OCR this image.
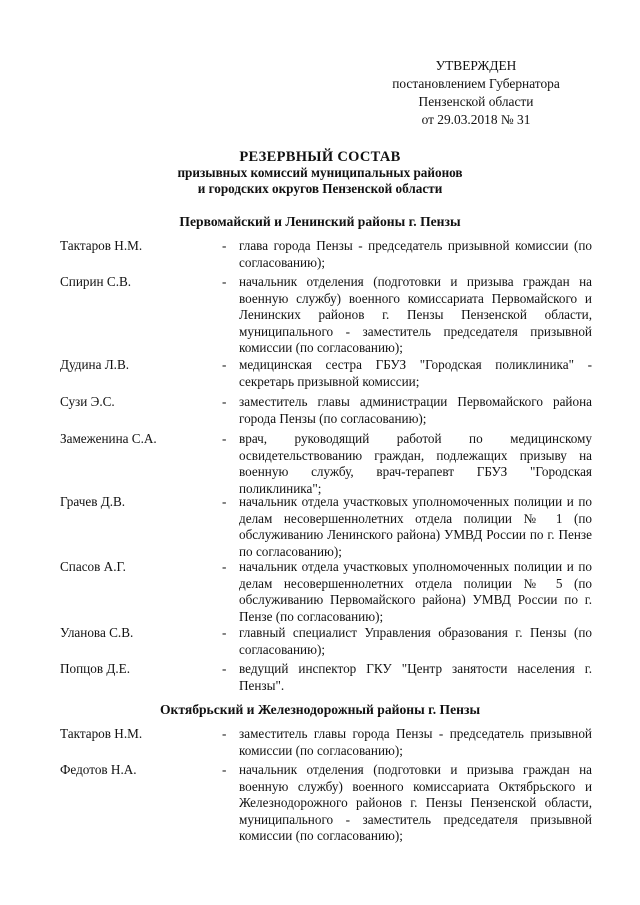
УТВЕРЖДЕН
постановлением Губернатора
Пензенской области
от 29.03.2018 № 31
РЕЗЕРВНЫЙ СОСТАВ
призывных комиссий муниципальных районов
и городских округов Пензенской области
Первомайский и Ленинский районы г. Пензы
Тактаров Н.М.	- глава города Пензы - председатель призывной комиссии (по согласованию);
Спирин С.В.	- начальник отделения (подготовки и призыва граждан на военную службу) военного комиссариата Первомайского и Ленинских районов г. Пензы Пензенской области, муниципального - заместитель председателя призывной комиссии (по согласованию);
Дудина Л.В.	- медицинская сестра ГБУЗ "Городская поликлиника" - секретарь призывной комиссии;
Сузи Э.С.	- заместитель главы администрации Первомайского района города Пензы (по согласованию);
Замеженина С.А.	- врач, руководящий работой по медицинскому освидетельствованию граждан, подлежащих призыву на военную службу, врач-терапевт ГБУЗ "Городская поликлиника";
Грачев Д.В.	- начальник отдела участковых уполномоченных полиции и по делам несовершеннолетних отдела полиции № 1 (по обслуживанию Ленинского района) УМВД России по г. Пензе по согласованию);
Спасов А.Г.	- начальник отдела участковых уполномоченных полиции и по делам несовершеннолетних отдела полиции № 5 (по обслуживанию Первомайского района) УМВД России по г. Пензе (по согласованию);
Уланова С.В.	- главный специалист Управления образования г. Пензы (по согласованию);
Попцов Д.Е.	- ведущий инспектор ГКУ "Центр занятости населения г. Пензы".
Октябрьский и Железнодорожный районы г. Пензы
Тактаров Н.М.	- заместитель главы города Пензы - председатель призывной комиссии (по согласованию);
Федотов Н.А.	- начальник отделения (подготовки и призыва граждан на военную службу) военного комиссариата Октябрьского и Железнодорожного районов г. Пензы Пензенской области, муниципального - заместитель председателя призывной комиссии (по согласованию);
